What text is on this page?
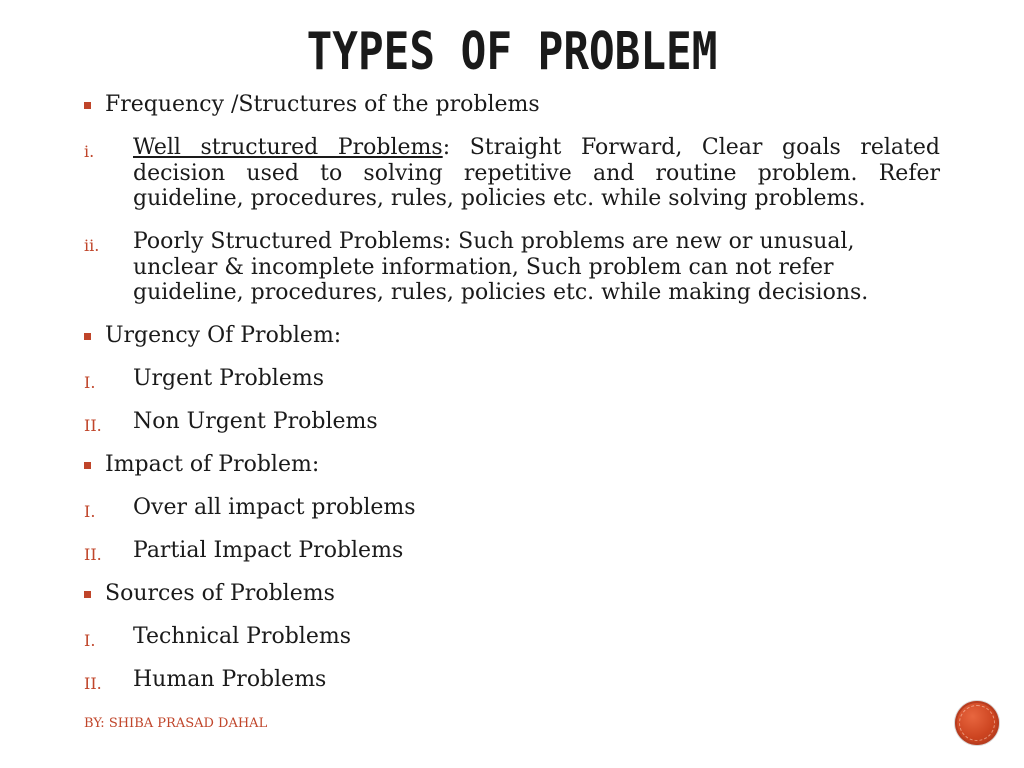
TYPES OF PROBLEM
Frequency /Structures of the problems
i. Well structured Problems: Straight Forward, Clear goals related decision used to solving repetitive and routine problem. Refer guideline, procedures, rules, policies etc. while solving problems.
ii. Poorly Structured Problems: Such problems are new or unusual, unclear & incomplete information, Such problem can not refer guideline, procedures, rules, policies etc. while making decisions.
Urgency Of Problem:
I. Urgent Problems
II. Non Urgent Problems
Impact of Problem:
I. Over all impact problems
II. Partial Impact Problems
Sources of Problems
I. Technical Problems
II. Human Problems
BY: SHIBA PRASAD DAHAL
